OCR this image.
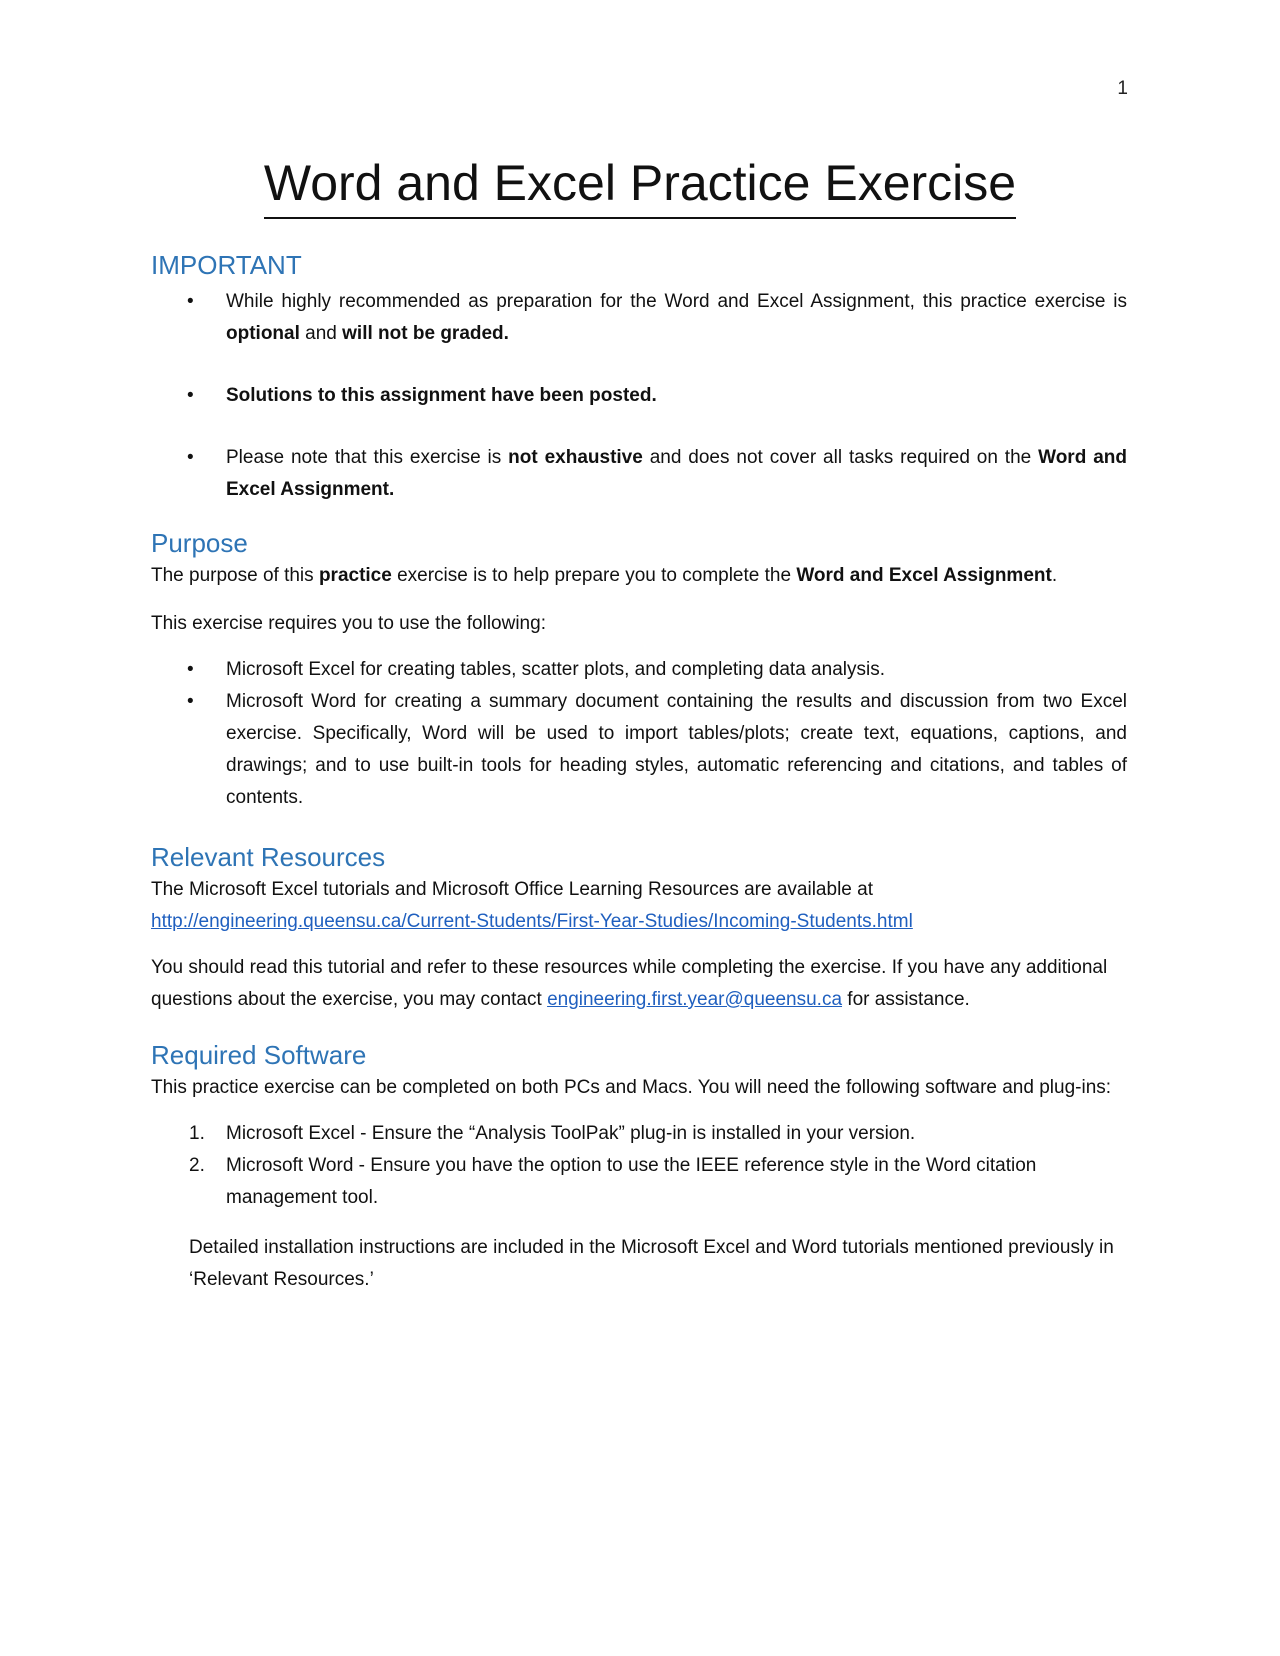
1
Word and Excel Practice Exercise
IMPORTANT
• While highly recommended as preparation for the Word and Excel Assignment, this practice exercise is optional and will not be graded.
• Solutions to this assignment have been posted.
• Please note that this exercise is not exhaustive and does not cover all tasks required on the Word and Excel Assignment.
Purpose

The purpose of this practice exercise is to help prepare you to complete the Word and Excel Assignment.

This exercise requires you to use the following:

• Microsoft Excel for creating tables, scatter plots, and completing data analysis.
• Microsoft Word for creating a summary document containing the results and discussion from two Excel exercise. Specifically, Word will be used to import tables/plots; create text, equations, captions, and drawings; and to use built-in tools for heading styles, automatic referencing and citations, and tables of contents.
Relevant Resources

The Microsoft Excel tutorials and Microsoft Office Learning Resources are available at
http://engineering.queensu.ca/Current-Students/First-Year-Studies/Incoming-Students.html

You should read this tutorial and refer to these resources while completing the exercise. If you have any additional questions about the exercise, you may contact engineering.first.year@queensu.ca for assistance.

Required Software

This practice exercise can be completed on both PCs and Macs. You will need the following software and plug-ins:

1. Microsoft Excel - Ensure the “Analysis ToolPak” plug-in is installed in your version.
2. Microsoft Word - Ensure you have the option to use the IEEE reference style in the Word citation management tool.

Detailed installation instructions are included in the Microsoft Excel and Word tutorials mentioned previously in ‘Relevant Resources.’
